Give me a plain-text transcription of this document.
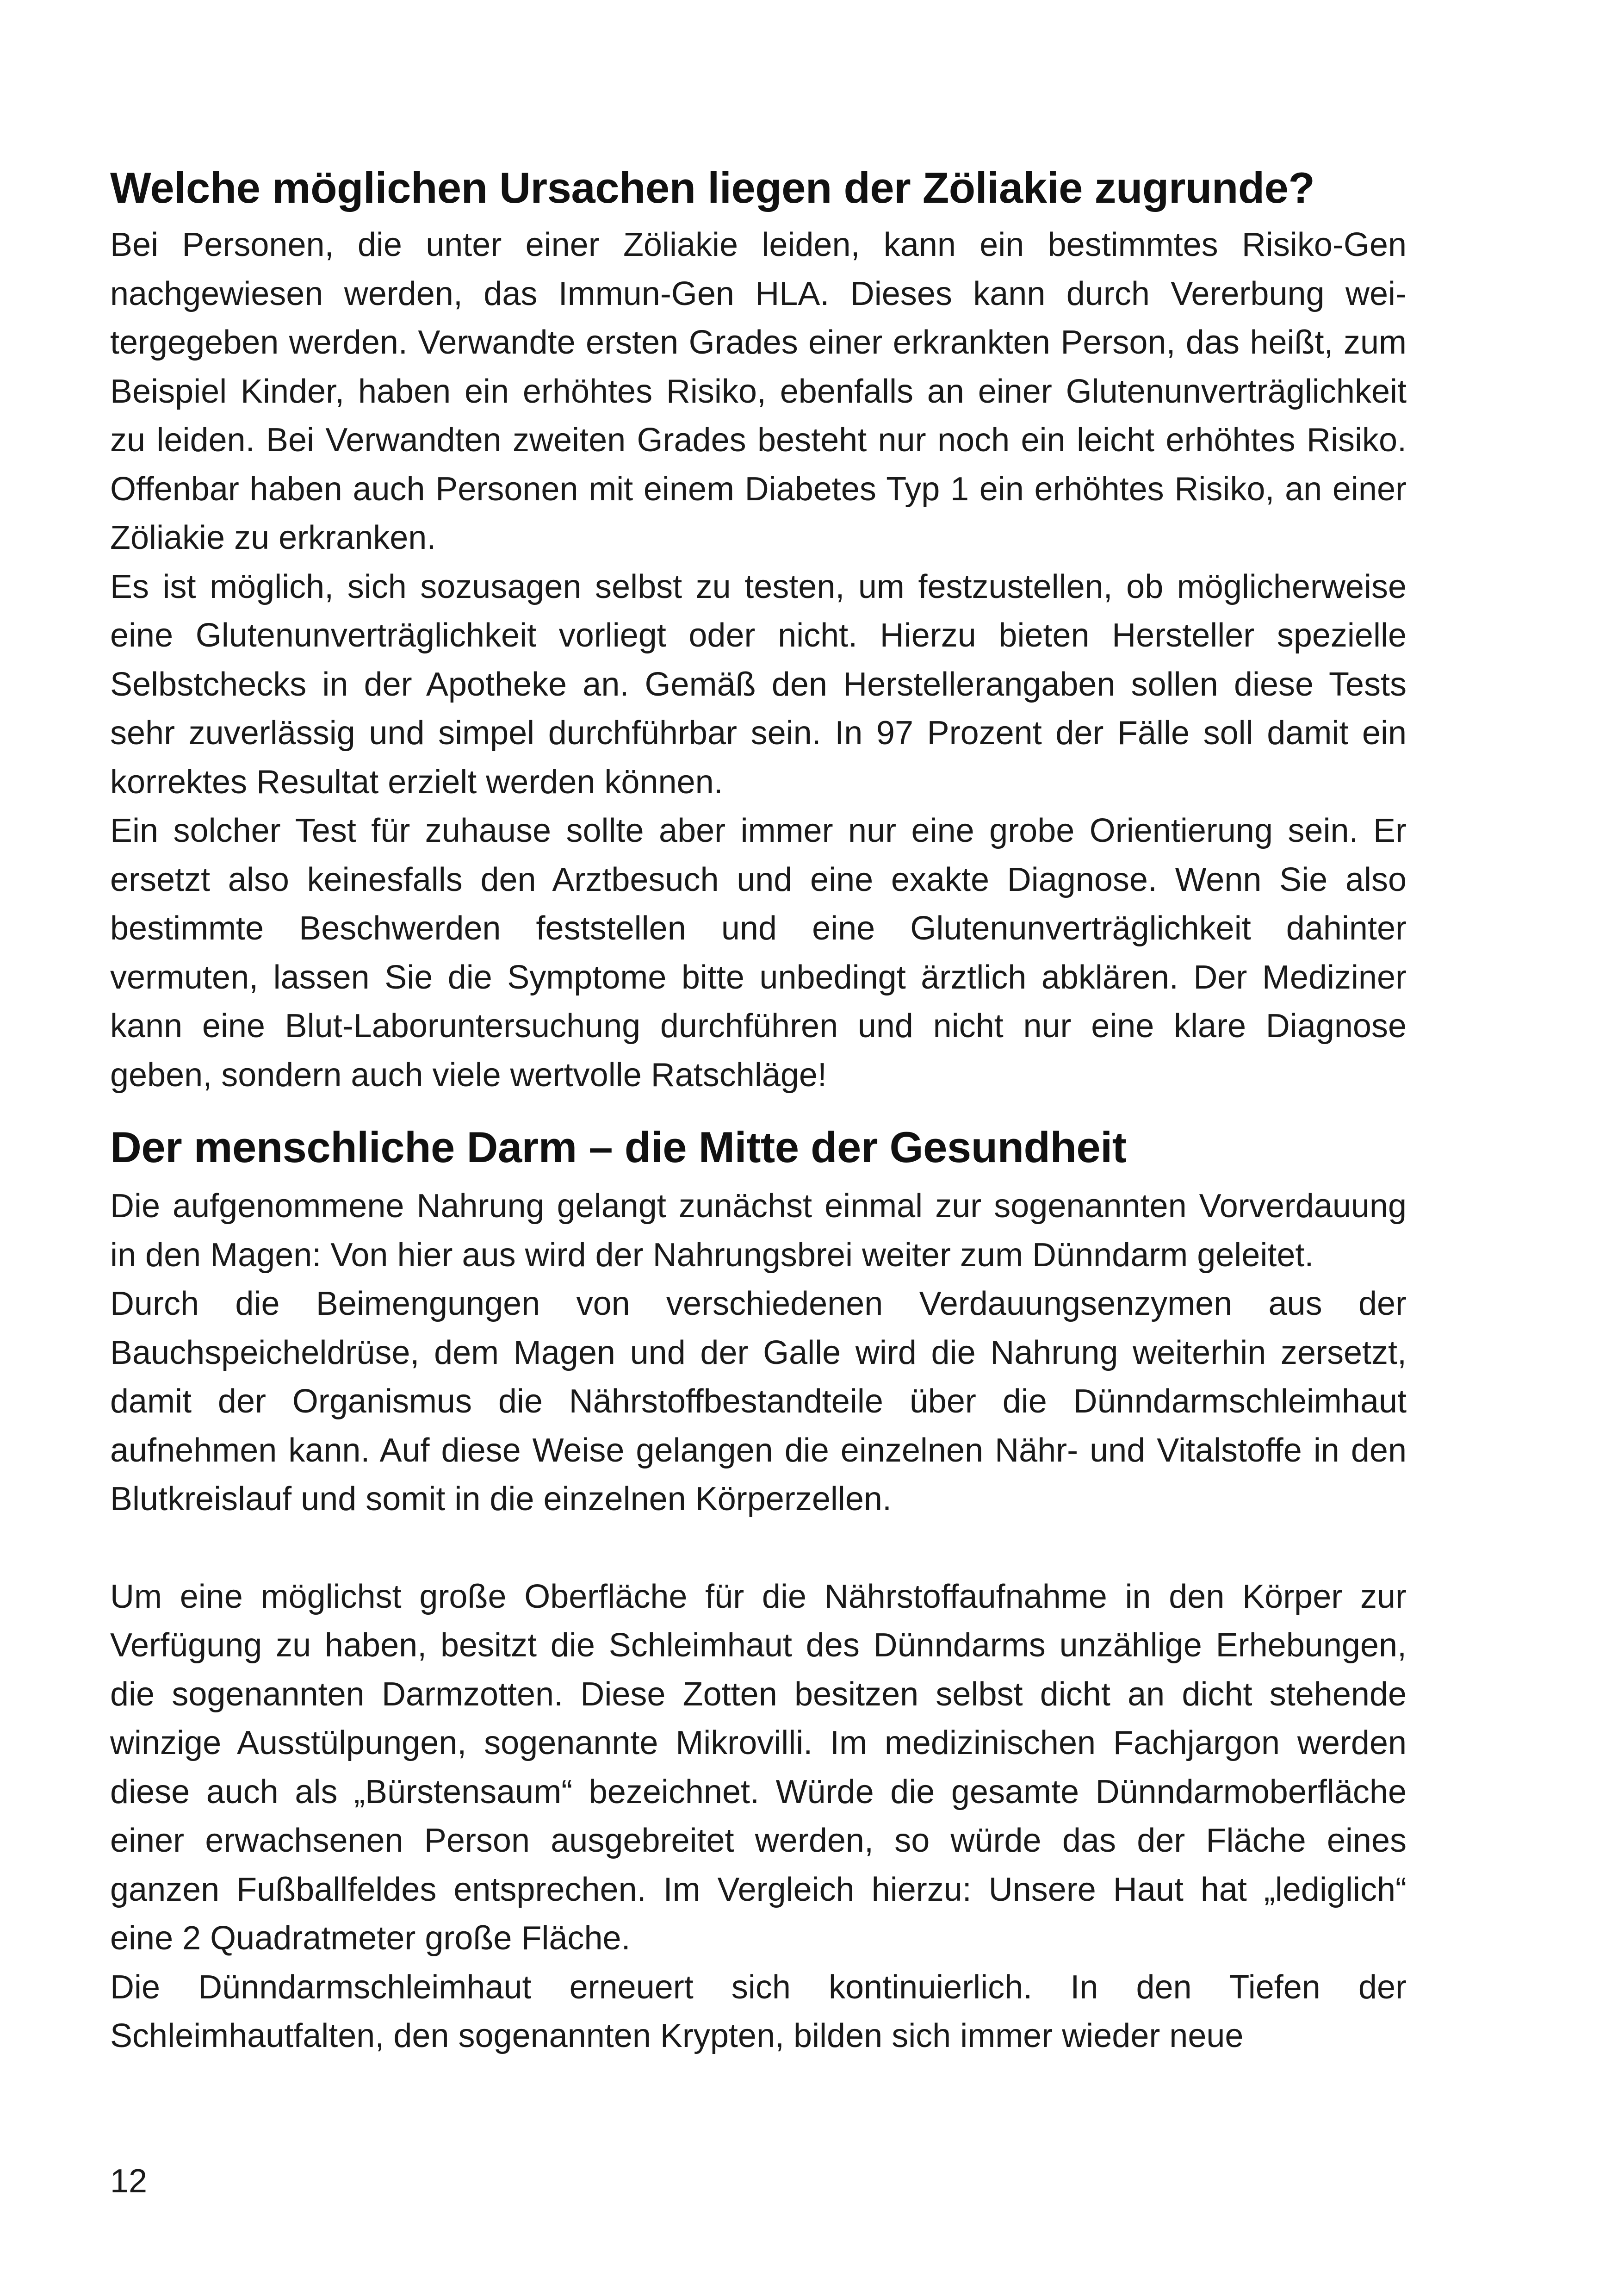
Welche möglichen Ursachen liegen der Zöliakie zugrunde?

Bei Personen, die unter einer Zöliakie leiden, kann ein bestimmtes Risiko-Gen nachgewiesen werden, das Immun-Gen HLA. Dieses kann durch Vererbung weitergegeben werden. Verwandte ersten Grades einer erkrankten Person, das heißt, zum Beispiel Kinder, haben ein erhöhtes Risiko, ebenfalls an einer Glutenunverträglichkeit zu leiden. Bei Verwandten zweiten Grades besteht nur noch ein leicht erhöhtes Risiko. Offenbar haben auch Personen mit einem Diabetes Typ 1 ein erhöhtes Risiko, an einer Zöliakie zu erkranken.

Es ist möglich, sich sozusagen selbst zu testen, um festzustellen, ob möglicherweise eine Glutenunverträglichkeit vorliegt oder nicht. Hierzu bieten Hersteller spezielle Selbstchecks in der Apotheke an. Gemäß den Herstellerangaben sollen diese Tests sehr zuverlässig und simpel durchführbar sein. In 97 Prozent der Fälle soll damit ein korrektes Resultat erzielt werden können.

Ein solcher Test für zuhause sollte aber immer nur eine grobe Orientierung sein. Er ersetzt also keinesfalls den Arztbesuch und eine exakte Diagnose. Wenn Sie also bestimmte Beschwerden feststellen und eine Glutenunverträglichkeit dahinter vermuten, lassen Sie die Symptome bitte unbedingt ärztlich abklären. Der Mediziner kann eine Blut-Laboruntersuchung durchführen und nicht nur eine klare Diagnose geben, sondern auch viele wertvolle Ratschläge!

Der menschliche Darm – die Mitte der Gesundheit

Die aufgenommene Nahrung gelangt zunächst einmal zur sogenannten Vorverdauung in den Magen: Von hier aus wird der Nahrungsbrei weiter zum Dünndarm geleitet.

Durch die Beimengungen von verschiedenen Verdauungsenzymen aus der Bauchspeicheldrüse, dem Magen und der Galle wird die Nahrung weiterhin zersetzt, damit der Organismus die Nährstoffbestandteile über die Dünndarmschleimhaut aufnehmen kann. Auf diese Weise gelangen die einzelnen Nähr- und Vitalstoffe in den Blutkreislauf und somit in die einzelnen Körperzellen.

Um eine möglichst große Oberfläche für die Nährstoffaufnahme in den Körper zur Verfügung zu haben, besitzt die Schleimhaut des Dünndarms unzählige Erhebungen, die sogenannten Darmzotten. Diese Zotten besitzen selbst dicht an dicht stehende winzige Ausstülpungen, sogenannte Mikrovilli. Im medizinischen Fachjargon werden diese auch als „Bürstensaum“ bezeichnet. Würde die gesamte Dünndarmoberfläche einer erwachsenen Person ausgebreitet werden, so würde das der Fläche eines ganzen Fußballfeldes entsprechen. Im Vergleich hierzu: Unsere Haut hat „lediglich“ eine 2 Quadratmeter große Fläche.

Die Dünndarmschleimhaut erneuert sich kontinuierlich. In den Tiefen der Schleimhautfalten, den sogenannten Krypten, bilden sich immer wieder neue

12
